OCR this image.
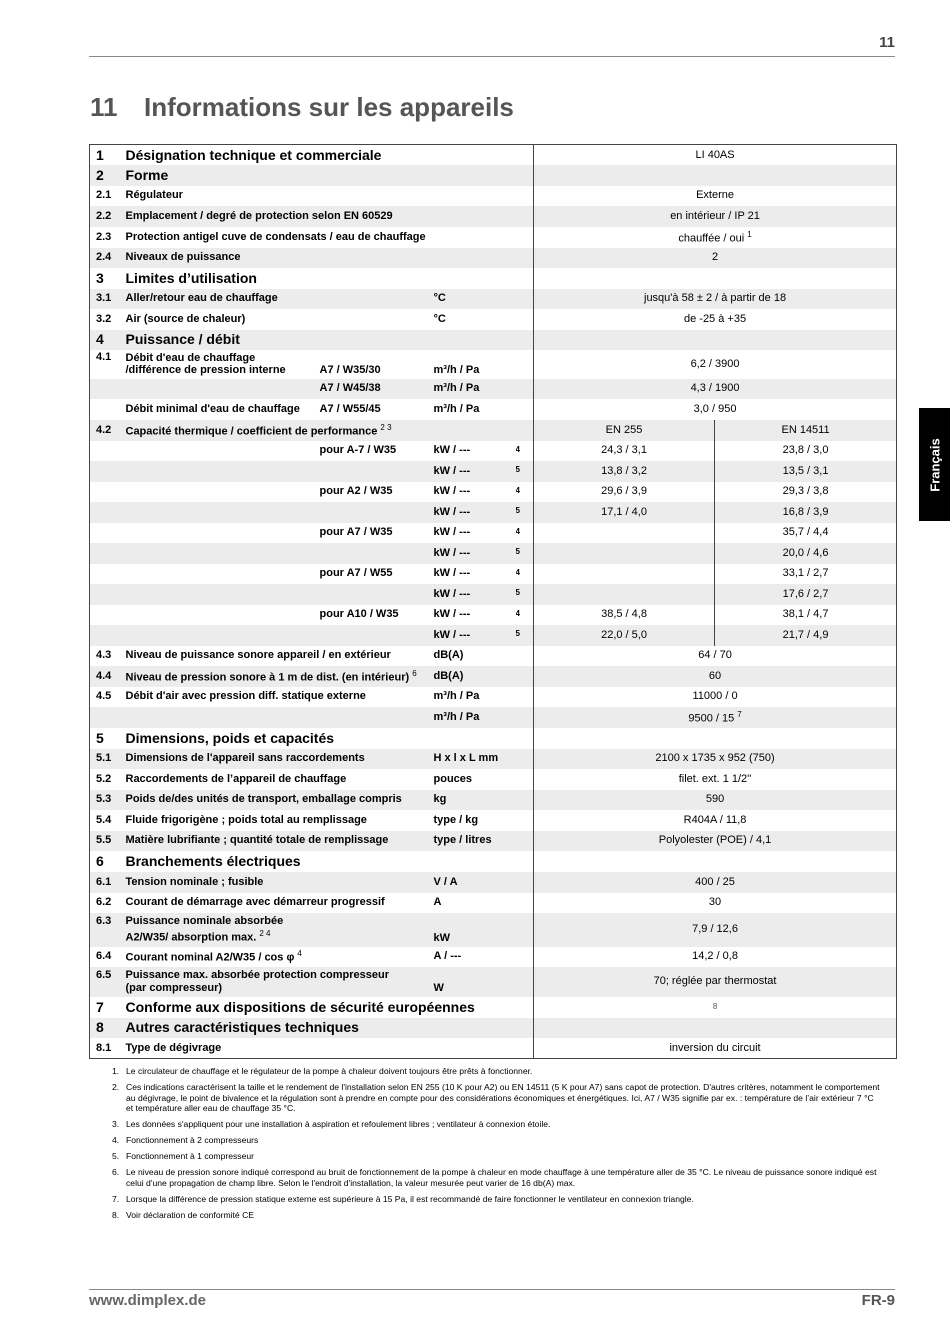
11
11 Informations sur les appareils
Français
1	Désignation technique et commerciale				LI 40AS	
2	Forme					
2.1	Régulateur				Externe	
2.2	Emplacement / degré de protection selon EN 60529				en intérieur / IP 21	
2.3	Protection antigel cuve de condensats / eau de chauffage				chauffée / oui $^1$
2.4	Niveaux de puissance				2	
3	Limites d’utilisation					
3.1	Aller/retour eau de chauffage		°C		jusqu'à 58 ± 2 / à partir de 18	
3.2	Air (source de chaleur)		°C		de -25 à +35	
4	Puissance / débit					
4.1	Débit d'eau de chauffage
/différence de pression interne	A7 / W35/30	m³/h / Pa		6,2 / 3900	
		A7 / W45/38	m³/h / Pa		4,3 / 1900	
	Débit minimal d'eau de chauffage	A7 / W55/45	m³/h / Pa		3,0 / 950	
4.2	Capacité thermique / coefficient de performance $^{2 3}$				EN 255	EN 14511
		pour A-7 / W35	kW / ---	4	24,3 / 3,1	23,8 / 3,0
			kW / ---	5	13,8 / 3,2	13,5 / 3,1
		pour A2 / W35	kW / ---	4	29,6 / 3,9	29,3 / 3,8
			kW / ---	5	17,1 / 4,0	16,8 / 3,9
		pour A7 / W35	kW / ---	4		35,7 / 4,4
			kW / ---	5		20,0 / 4,6
		pour A7 / W55	kW / ---	4		33,1 / 2,7
			kW / ---	5		17,6 / 2,7
		pour A10 / W35	kW / ---	4	38,5 / 4,8	38,1 / 4,7
			kW / ---	5	22,0 / 5,0	21,7 / 4,9
4.3	Niveau de puissance sonore appareil / en extérieur		dB(A)		64 / 70	
4.4	Niveau de pression sonore à 1 m de dist. (en intérieur) $^6$		dB(A)		60	
4.5	Débit d'air avec pression diff. statique externe		m³/h / Pa		11000 / 0	
			m³/h / Pa		9500 / 15 $^7$
5	Dimensions, poids et capacités					
5.1	Dimensions de l'appareil sans raccordements		H x l x L mm		2100 x 1735 x 952 (750)	
5.2	Raccordements de l’appareil de chauffage		pouces		filet. ext. 1 1/2''	
5.3	Poids de/des unités de transport, emballage compris		kg		590	
5.4	Fluide frigorigène ; poids total au remplissage		type / kg		R404A / 11,8	
5.5	Matière lubrifiante ; quantité totale de remplissage		type / litres		Polyolester (POE) / 4,1	
6	Branchements électriques					
6.1	Tension nominale ; fusible		V / A		400 / 25	
6.2	Courant de démarrage avec démarreur progressif		A		30	
6.3	Puissance nominale absorbée
A2/W35/ absorption max. $^{2 4}$		kW		7,9 / 12,6	
6.4	Courant nominal A2/W35 / cos φ $^4$		A / ---		14,2 / 0,8	
6.5	Puissance max. absorbée protection compresseur
(par compresseur)		W		70; réglée par thermostat	
7	Conforme aux dispositions de sécurité européennes				8	
8	Autres caractéristiques techniques					
8.1	Type de dégivrage				inversion du circuit	
1. Le circulateur de chauffage et le régulateur de la pompe à chaleur doivent toujours être prêts à fonctionner.
2. Ces indications caractérisent la taille et le rendement de l'installation selon EN 255 (10 K pour A2) ou EN 14511 (5 K pour A7) sans capot de protection. D'autres critères, notamment le comportement au dégivrage, le point de bivalence et la régulation sont à prendre en compte pour des considérations économiques et énergétiques. Ici, A7 / W35 signifie par ex. : température de l’air extérieur 7 °C et température aller eau de chauffage 35 °C.
3. Les données s'appliquent pour une installation à aspiration et refoulement libres ; ventilateur à connexion étoile.
4. Fonctionnement à 2 compresseurs
5. Fonctionnement à 1 compresseur
6. Le niveau de pression sonore indiqué correspond au bruit de fonctionnement de la pompe à chaleur en mode chauffage à une température aller de 35 °C. Le niveau de puissance sonore indiqué est celui d'une propagation de champ libre. Selon le l'endroit d'installation, la valeur mesurée peut varier de 16 db(A) max.
7. Lorsque la différence de pression statique externe est supérieure à 15 Pa, il est recommandé de faire fonctionner le ventilateur en connexion triangle.
8. Voir déclaration de conformité CE
www.dimplex.de	FR-9
